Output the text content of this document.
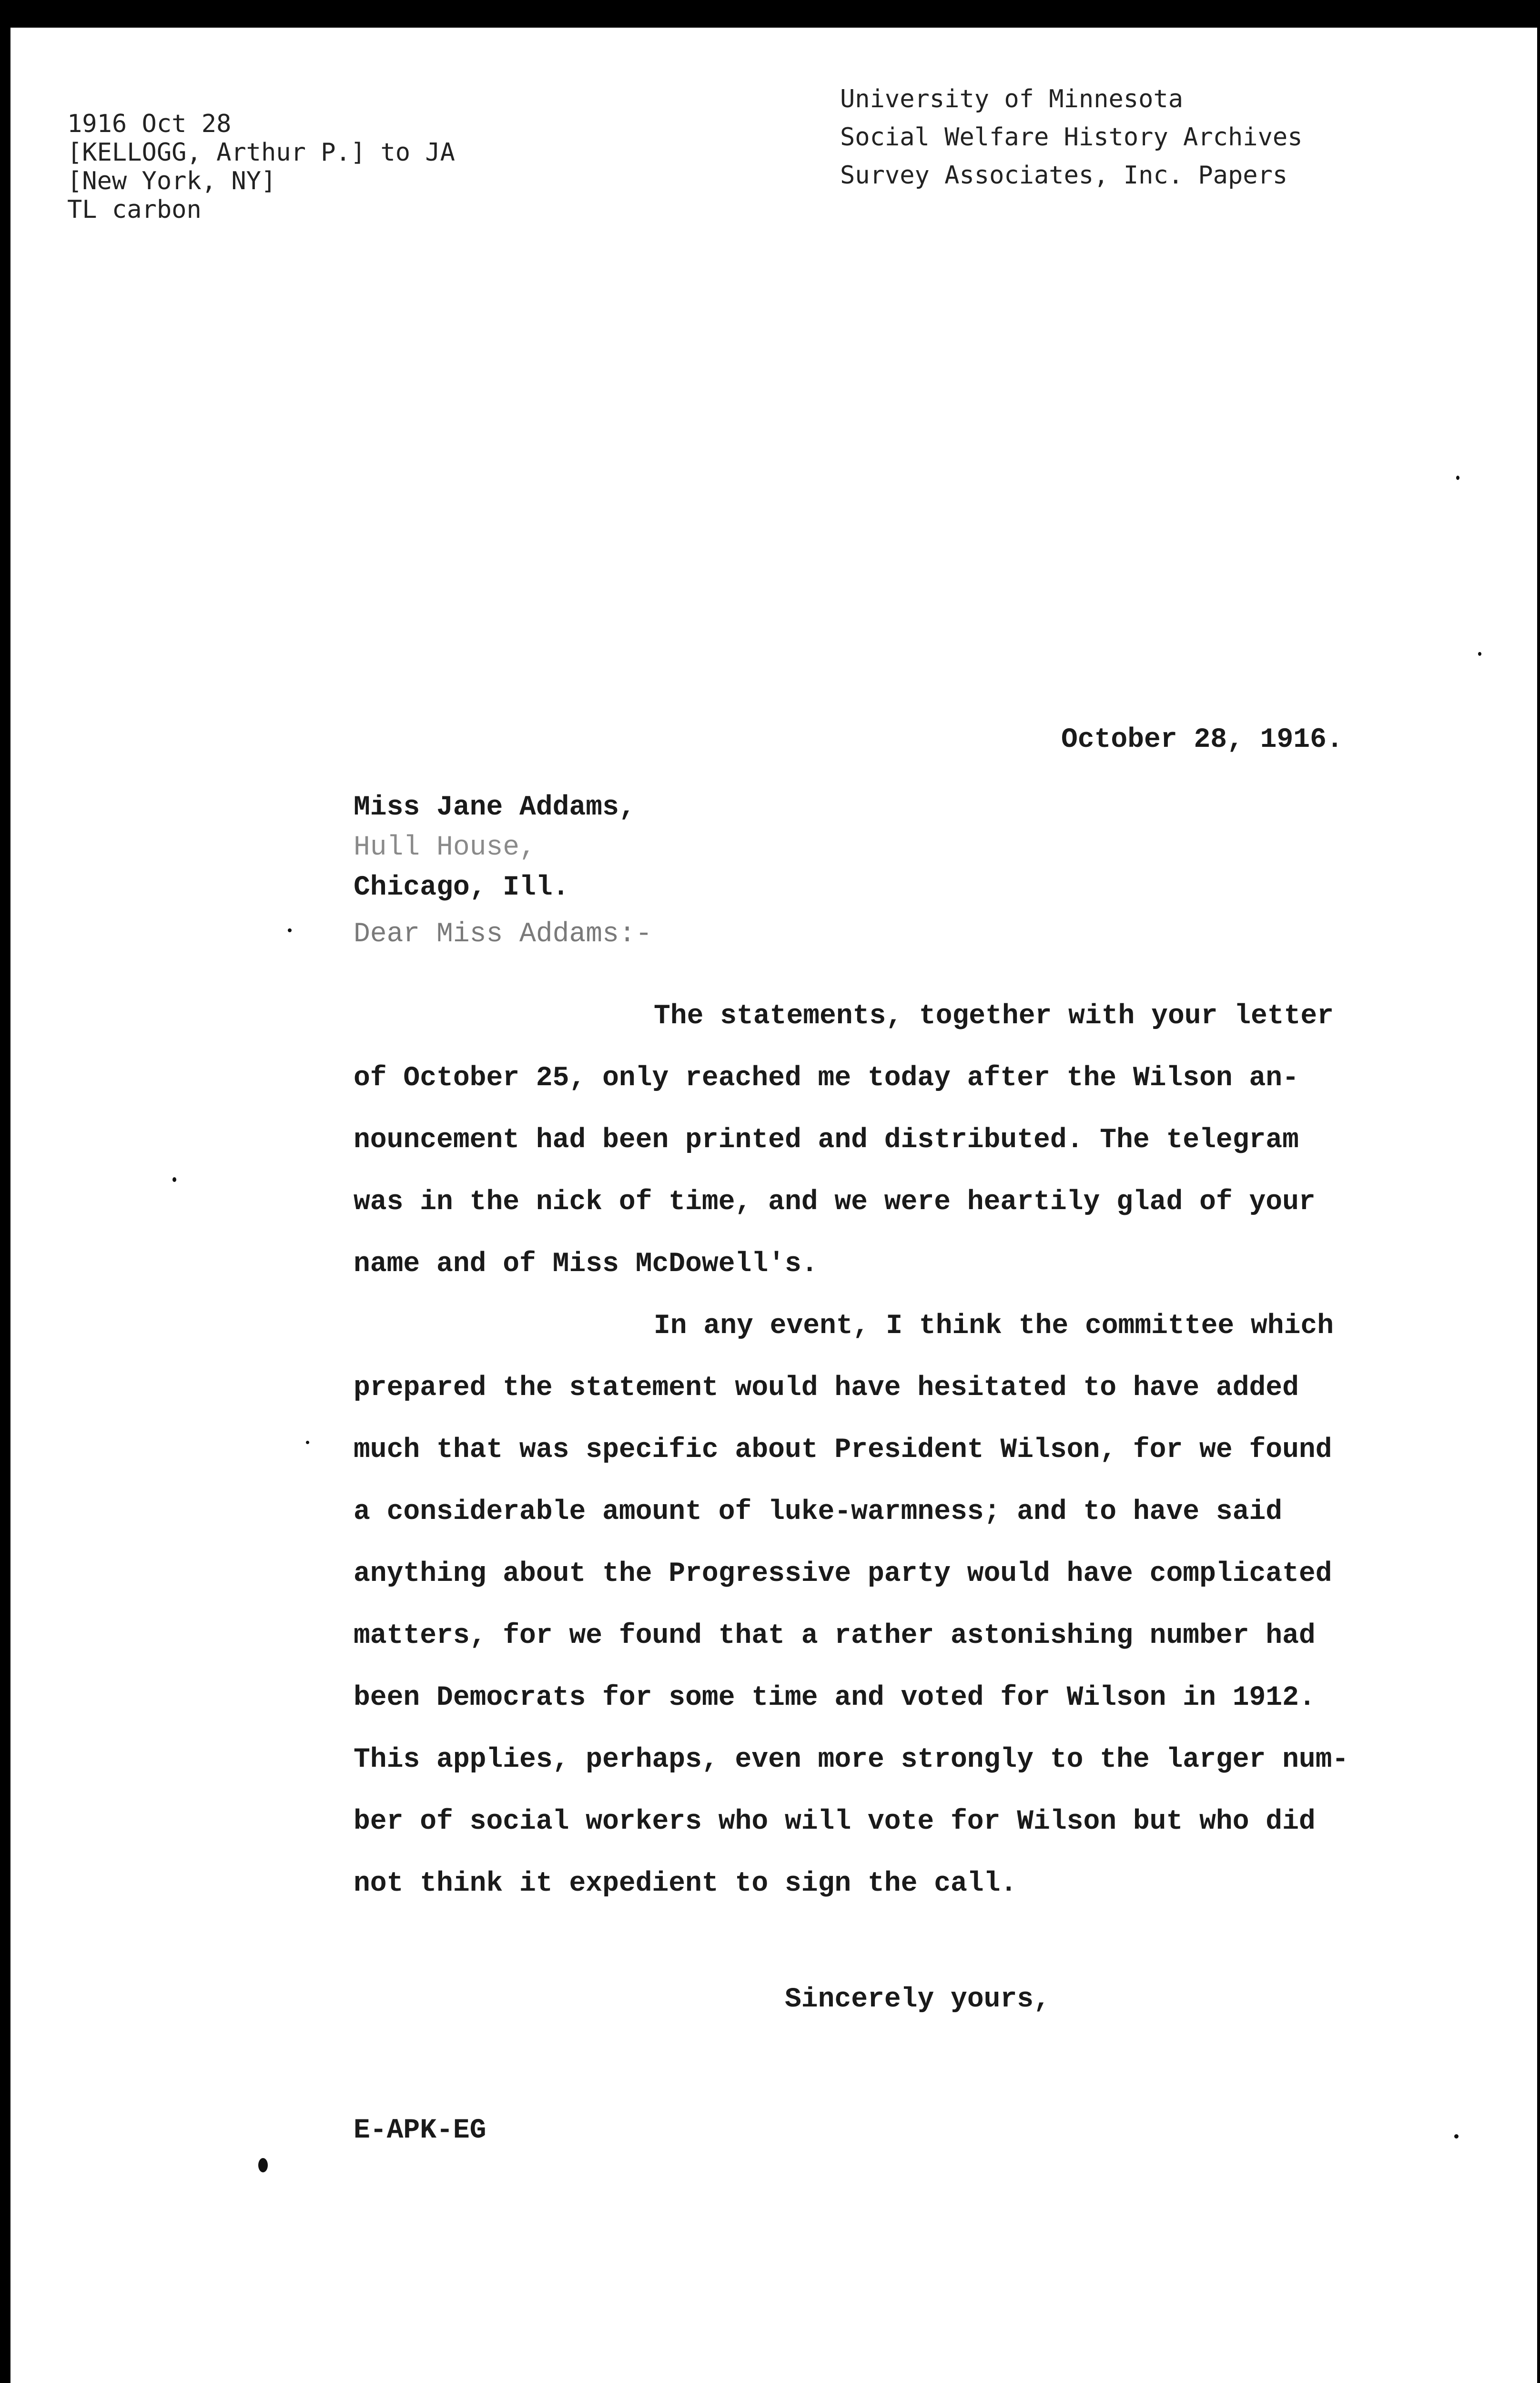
1916 Oct 28
[KELLOGG, Arthur P.] to JA
[New York, NY]
TL carbon
University of Minnesota
Social Welfare History Archives
Survey Associates, Inc. Papers
October 28, 1916.
Miss Jane Addams,
Hull House,
Chicago, Ill.
Dear Miss Addams:-
The statements, together with your letter
of October 25, only reached me today after the Wilson an-
nouncement had been printed and distributed. The telegram
was in the nick of time, and we were heartily glad of your
name and of Miss McDowell's.
In any event, I think the committee which
prepared the statement would have hesitated to have added
much that was specific about President Wilson, for we found
a considerable amount of luke-warmness; and to have said
anything about the Progressive party would have complicated
matters, for we found that a rather astonishing number had
been Democrats for some time and voted for Wilson in 1912.
This applies, perhaps, even more strongly to the larger num-
ber of social workers who will vote for Wilson but who did
not think it expedient to sign the call.
Sincerely yours,
E-APK-EG
